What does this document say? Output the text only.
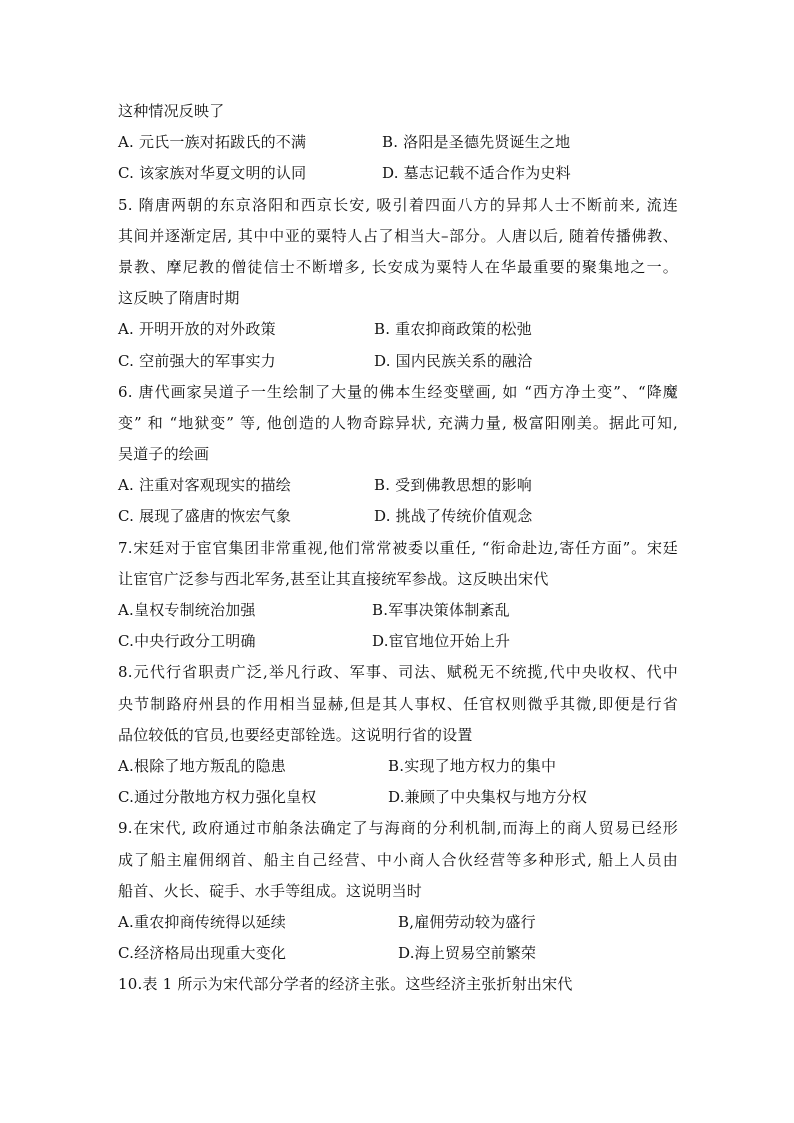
这种情况反映了
A. 元氏一族对拓跋氏的不满	B. 洛阳是圣德先贤诞生之地
C. 该家族对华夏文明的认同	D. 墓志记载不适合作为史料
5. 隋唐两朝的东京洛阳和西京长安, 吸引着四面八方的异邦人士不断前来, 流连
其间并逐渐定居, 其中中亚的粟特人占了相当大–部分。人唐以后, 随着传播佛教、
景教、摩尼教的僧徒信士不断增多, 长安成为粟特人在华最重要的聚集地之一。
这反映了隋唐时期
A. 开明开放的对外政策	B. 重农抑商政策的松弛
C. 空前强大的军事实力	D. 国内民族关系的融洽
6. 唐代画家吴道子一生绘制了大量的佛本生经变壁画, 如 “西方净土变”、“降魔
变” 和 “地狱变” 等, 他创造的人物奇踪异状, 充满力量, 极富阳刚美。据此可知,
吴道子的绘画
A. 注重对客观现实的描绘	B. 受到佛教思想的影响
C. 展现了盛唐的恢宏气象	D. 挑战了传统价值观念
7.宋廷对于宦官集团非常重视,他们常常被委以重任, “衔命赴边,寄任方面”。宋廷
让宦官广泛参与西北军务,甚至让其直接统军参战。这反映出宋代
A.皇权专制统治加强	B.军事决策体制紊乱
C.中央行政分工明确	D.宦官地位开始上升
8.元代行省职责广泛,举凡行政、军事、司法、赋税无不统揽,代中央收权、代中
央节制路府州县的作用相当显赫,但是其人事权、任官权则微乎其微,即便是行省
品位较低的官员,也要经吏部铨选。这说明行省的设置
A.根除了地方叛乱的隐患	B.实现了地方权力的集中
C.通过分散地方权力强化皇权	D.兼顾了中央集权与地方分权
9.在宋代, 政府通过市舶条法确定了与海商的分利机制,而海上的商人贸易已经形
成了船主雇佣纲首、船主自己经营、中小商人合伙经营等多种形式, 船上人员由
船首、火长、碇手、水手等组成。这说明当时
A.重农抑商传统得以延续	B,雇佣劳动较为盛行
C.经济格局出现重大变化	D.海上贸易空前繁荣
10.表 1 所示为宋代部分学者的经济主张。这些经济主张折射出宋代
